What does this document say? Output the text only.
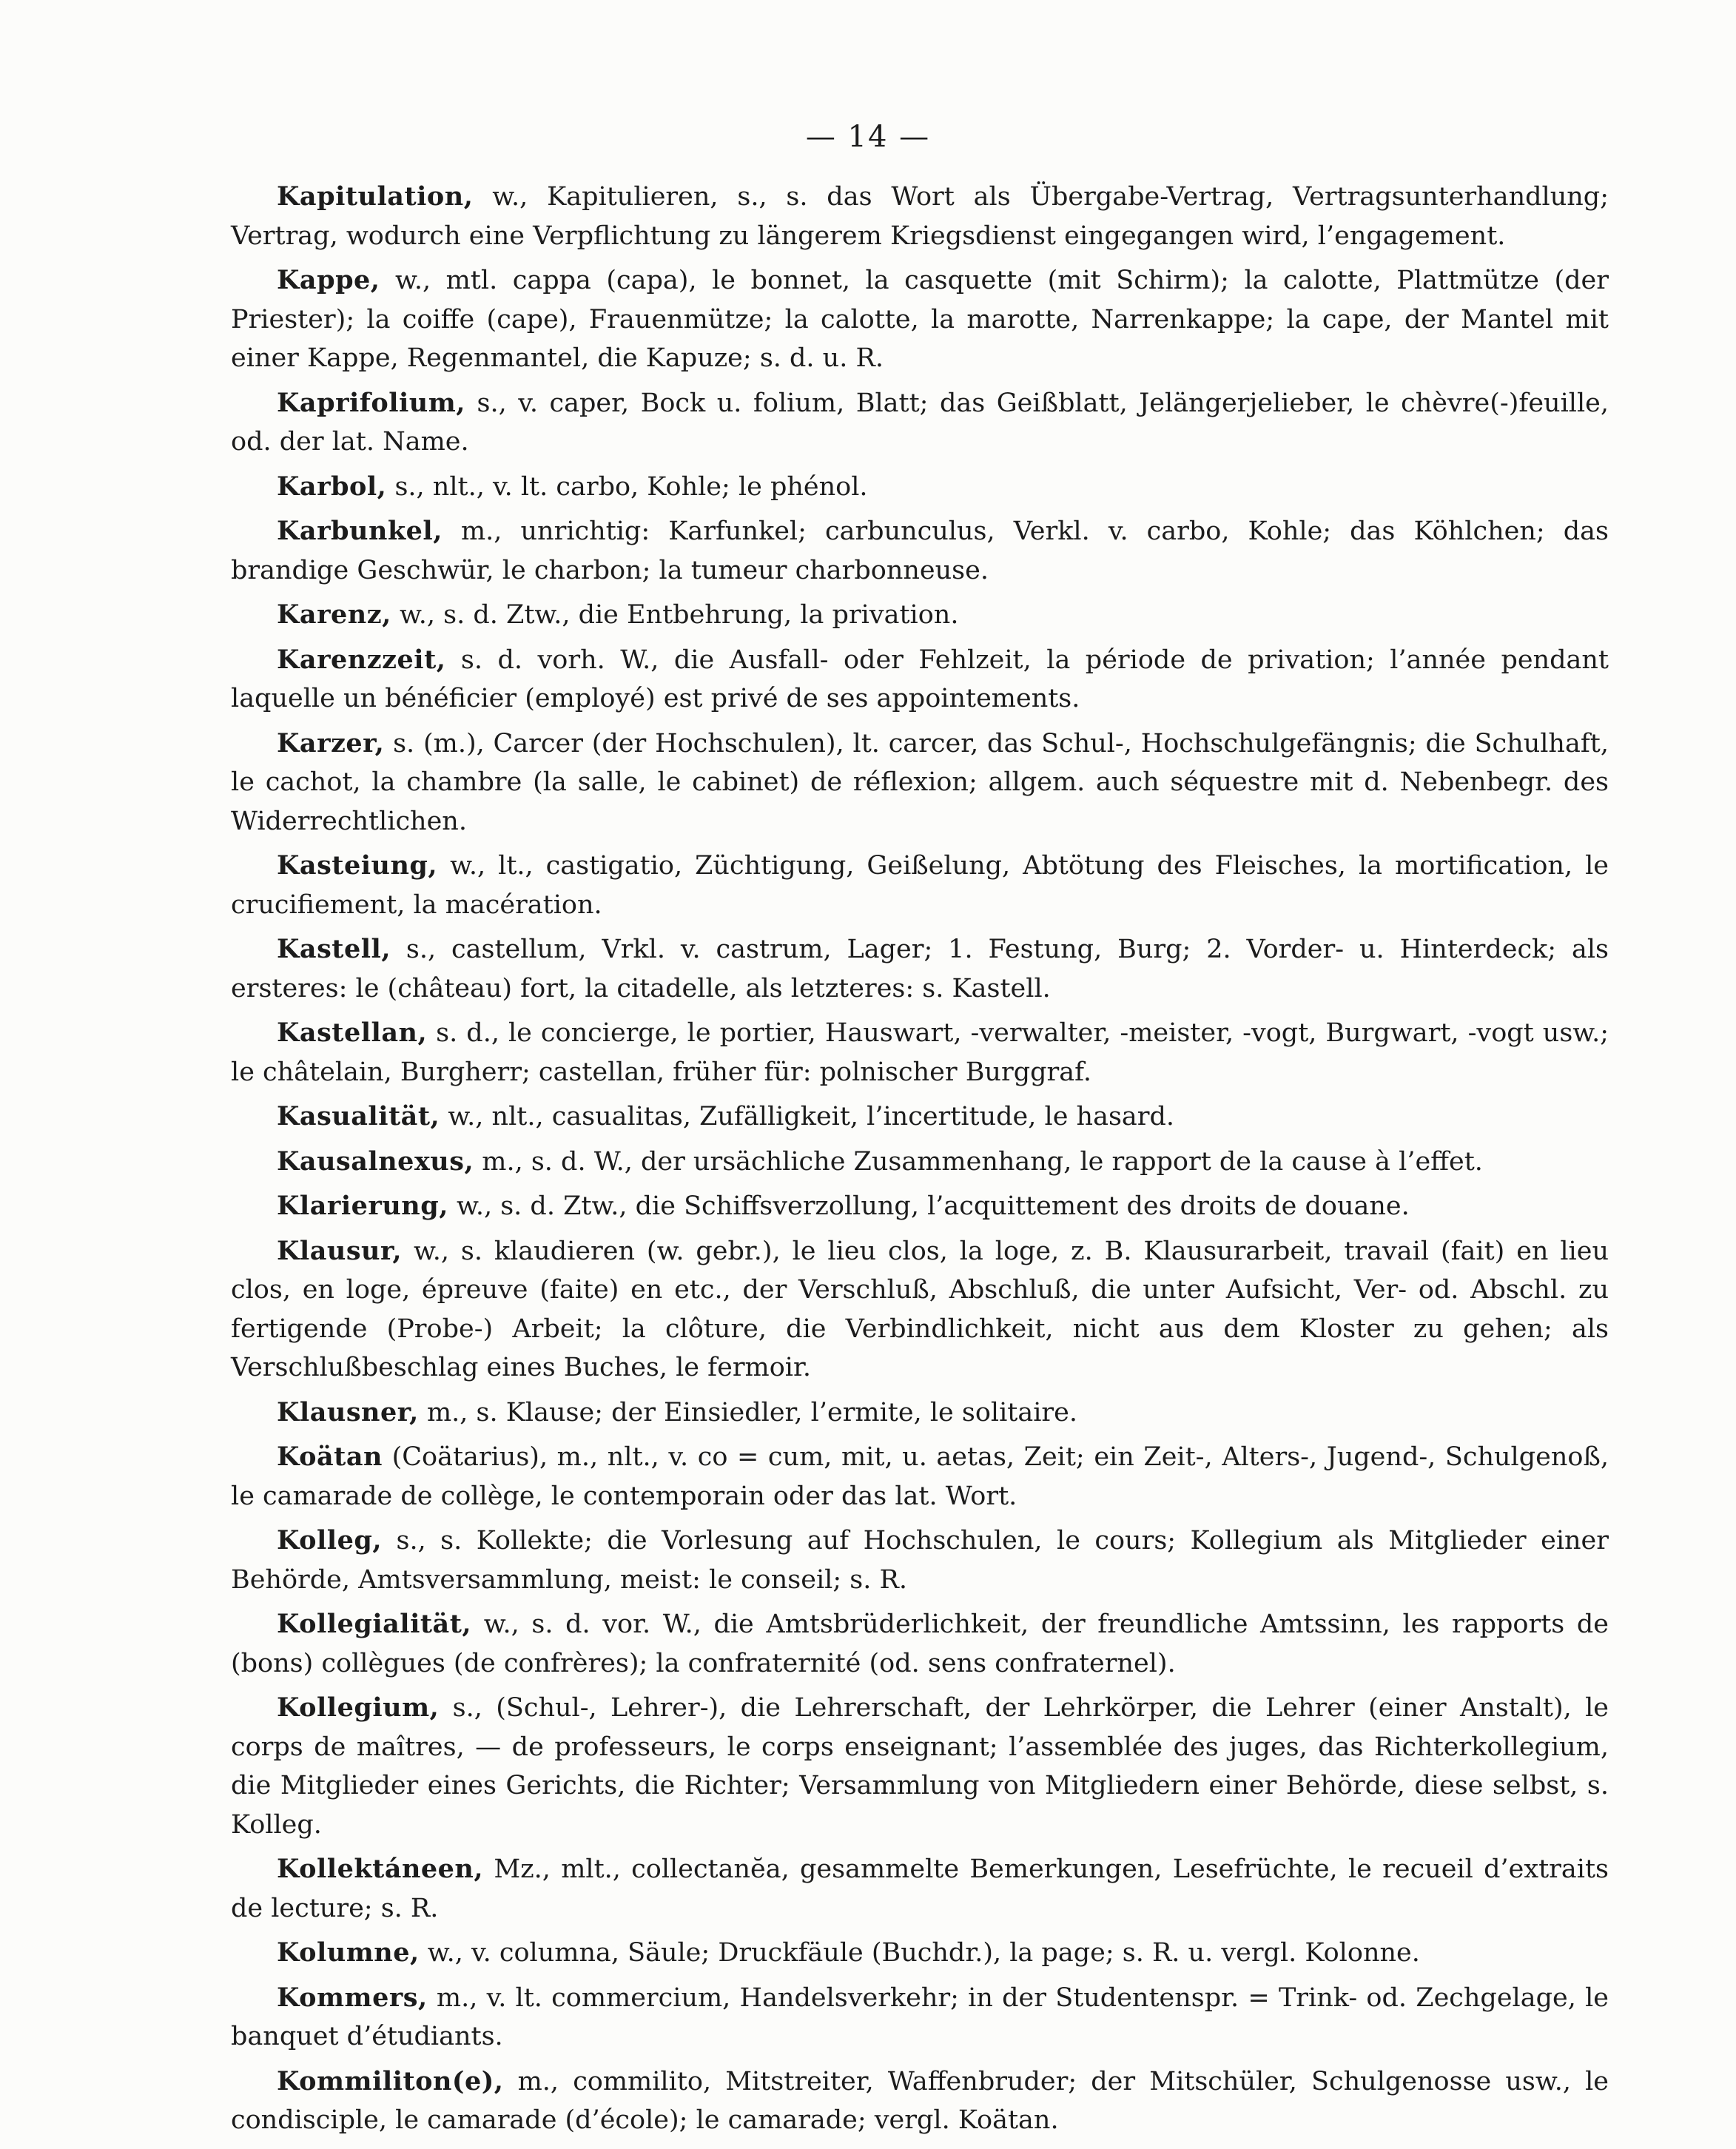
— 14 —

Kapitulation, w., Kapitulieren, s., s. das Wort als Übergabe-Vertrag, Vertragsunterhandlung; Vertrag, wodurch eine Verpflichtung zu längerem Kriegsdienst eingegangen wird, l’engagement.

Kappe, w., mtl. cappa (capa), le bonnet, la casquette (mit Schirm); la calotte, Plattmütze (der Priester); la coiffe (cape), Frauenmütze; la calotte, la marotte, Narrenkappe; la cape, der Mantel mit einer Kappe, Regenmantel, die Kapuze; s. d. u. R.

Kaprifolium, s., v. caper, Bock u. folium, Blatt; das Geißblatt, Jelängerjelieber, le chèvre(-)feuille, od. der lat. Name.

Karbol, s., nlt., v. lt. carbo, Kohle; le phénol.

Karbunkel, m., unrichtig: Karfunkel; carbunculus, Verkl. v. carbo, Kohle; das Köhlchen; das brandige Geschwür, le charbon; la tumeur charbonneuse.

Karenz, w., s. d. Ztw., die Entbehrung, la privation.

Karenzzeit, s. d. vorh. W., die Ausfall- oder Fehlzeit, la période de privation; l’année pendant laquelle un bénéficier (employé) est privé de ses appointements.

Karzer, s. (m.), Carcer (der Hochschulen), lt. carcer, das Schul-, Hochschulgefängnis; die Schulhaft, le cachot, la chambre (la salle, le cabinet) de réflexion; allgem. auch séquestre mit d. Nebenbegr. des Widerrechtlichen.

Kasteiung, w., lt., castigatio, Züchtigung, Geißelung, Abtötung des Fleisches, la mortification, le crucifiement, la macération.

Kastell, s., castellum, Vrkl. v. castrum, Lager; 1. Festung, Burg; 2. Vorder- u. Hinterdeck; als ersteres: le (château) fort, la citadelle, als letzteres: s. Kastell.

Kastellan, s. d., le concierge, le portier, Hauswart, -verwalter, -meister, -vogt, Burgwart, -vogt usw.; le châtelain, Burgherr; castellan, früher für: polnischer Burggraf.

Kasualität, w., nlt., casualitas, Zufälligkeit, l’incertitude, le hasard.

Kausalnexus, m., s. d. W., der ursächliche Zusammenhang, le rapport de la cause à l’effet.

Klarierung, w., s. d. Ztw., die Schiffsverzollung, l’acquittement des droits de douane.

Klausur, w., s. klaudieren (w. gebr.), le lieu clos, la loge, z. B. Klausurarbeit, travail (fait) en lieu clos, en loge, épreuve (faite) en etc., der Verschluß, Abschluß, die unter Aufsicht, Ver- od. Abschl. zu fertigende (Probe-) Arbeit; la clôture, die Verbindlichkeit, nicht aus dem Kloster zu gehen; als Verschlußbeschlag eines Buches, le fermoir.

Klausner, m., s. Klause; der Einsiedler, l’ermite, le solitaire.

Koätan (Coätarius), m., nlt., v. co = cum, mit, u. aetas, Zeit; ein Zeit-, Alters-, Jugend-, Schulgenoß, le camarade de collège, le contemporain oder das lat. Wort.

Kolleg, s., s. Kollekte; die Vorlesung auf Hochschulen, le cours; Kollegium als Mitglieder einer Behörde, Amtsversammlung, meist: le conseil; s. R.

Kollegialität, w., s. d. vor. W., die Amtsbrüderlichkeit, der freundliche Amtssinn, les rapports de (bons) collègues (de confrères); la confraternité (od. sens confraternel).

Kollegium, s., (Schul-, Lehrer-), die Lehrerschaft, der Lehrkörper, die Lehrer (einer Anstalt), le corps de maîtres, — de professeurs, le corps enseignant; l’assemblée des juges, das Richterkollegium, die Mitglieder eines Gerichts, die Richter; Versammlung von Mitgliedern einer Behörde, diese selbst, s. Kolleg.

Kollektáneen, Mz., mlt., collectanĕa, gesammelte Bemerkungen, Lesefrüchte, le recueil d’extraits de lecture; s. R.

Kolumne, w., v. columna, Säule; Druckfäule (Buchdr.), la page; s. R. u. vergl. Kolonne.

Kommers, m., v. lt. commercium, Handelsverkehr; in der Studentenspr. = Trink- od. Zechgelage, le banquet d’étudiants.

Kommiliton(e), m., commilito, Mitstreiter, Waffenbruder; der Mitschüler, Schulgenosse usw., le condisciple, le camarade (d’école); le camarade; vergl. Koätan.
